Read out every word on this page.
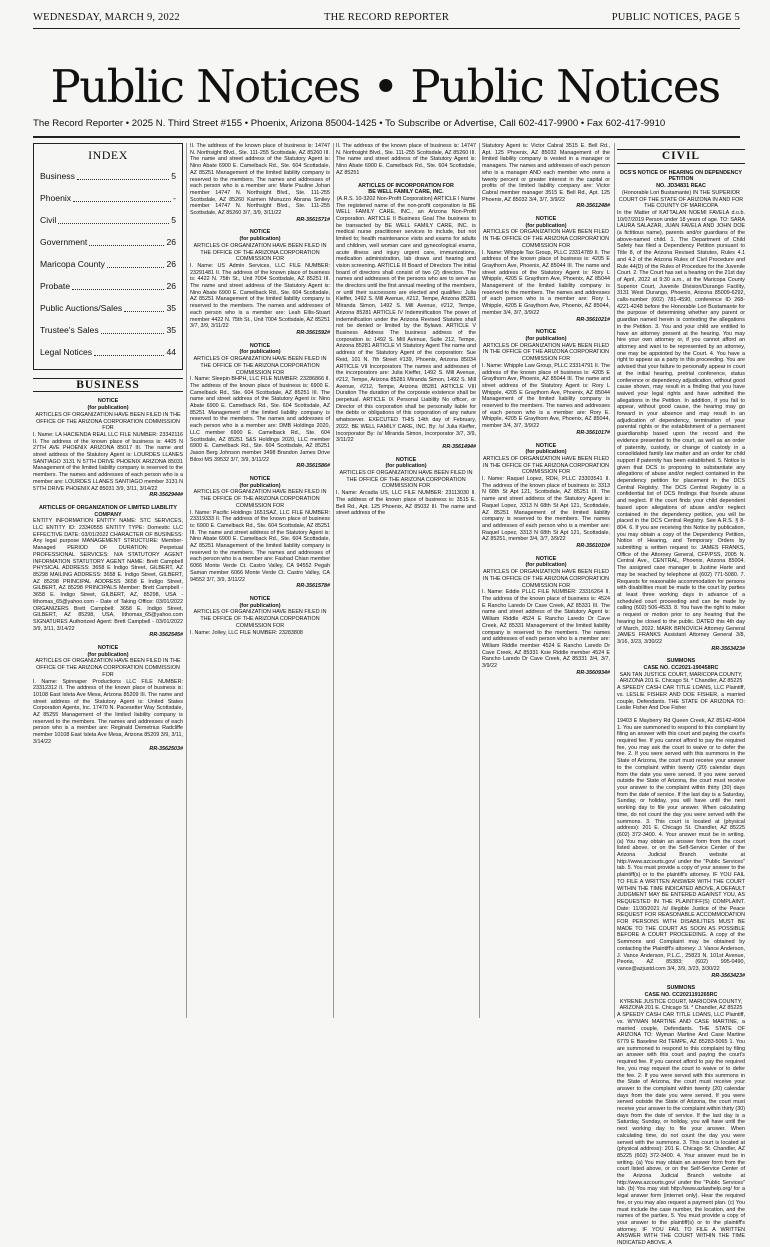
WEDNESDAY, MARCH 9, 2022	THE RECORD REPORTER	PUBLIC NOTICES, PAGE 5
Public Notices • Public Notices
The Record Reporter • 2025 N. Third Street #155 • Phoenix, Arizona 85004-1425 • To Subscribe or Advertise, Call 602-417-9900 • Fax 602-417-9910
INDEX
Business	5
Phoenix	-
Civil	5
Government	26
Maricopa County	26
Probate	26
Public Auctions/Sales	35
Trustee's Sales	35
Legal Notices	44
BUSINESS
NOTICE
(for publication)
ARTICLES OF ORGANIZATION HAVE BEEN FILED IN THE OFFICE OF THE ARIZONA CORPORATION COMMISSION FOR
I. Name: LA HACIENDA REAL LLC FILE NUMBER: 23342116 II. The address of the known place of business is: 4405 N 27TH AVE PHOENIX ARIZONA 85017 III. The name and street address of the Statutory Agent is: LOURDES LLANES SANTIAGO 3131 N 57TH DRIVE PHOENIX ARIZONA 85031 Management of the limited liability company is reserved to the members. The names and addresses of each person who is a member are: LOURDES LLANES SANTIAGO member 3131 N 57TH DRIVE PHOENIX AZ 85031 3/9, 3/11, 3/14/22
RR-3562944#
ARTICLES OF ORGANIZATION OF LIMITED LIABILITY COMPANY
ENTITY INFORMATION ENTITY NAME: STC SERVICES, LLC ENTITY ID: 23340555 ENTITY TYPE: Domestic LLC EFFECTIVE DATE: 03/01/2022 CHARACTER OF BUSINESS: Any legal purpose MANAGEMENT STRUCTURE: Member-Managed PERIOD OF DURATION: Perpetual PROFESSIONAL SERVICES: N/A STATUTORY AGENT INFORMATION STATUTORY AGENT NAME: Brett Campbell PHYSICAL ADDRESS: 3658 E Indigo Street, GILBERT, AZ 85298 MAILING ADDRESS: 3658 E. Indigo Street, GILBERT, AZ 85298 PRINCIPAL ADDRESS 3658 E Indigo Street, GILBERT, AZ 85298 PRINCIPALS Member: Brett Campbell - 3658 E. Indigo Street, GILBERT, AZ, 85298, USA - lithomas_65@yahoo.com - Date of Taking Office: 03/01/2022 ORGANIZERS Brett Campbell: 3658 E. Indigo Street, GILBERT, AZ 85298, USA, lithomas_65@yahoo.com SIGNATURES Authorized Agent: Brett Campbell - 03/01/2022 3/9, 3/11, 3/14/22
RR-3562545#
NOTICE
(for publication)
ARTICLES OF ORGANIZATION HAVE BEEN FILED IN THE OFFICE OF THE ARIZONA CORPORATION COMMISSION FOR
I. Name: Spinnaper Productions LLC FILE NUMBER: 23312312 II. The address of the known place of business is: 10108 East Isleta Ave Mesa, Arizona 85209 III. The name and street address of the Statutory Agent is: United States Corporation Agents, Inc. 17470 N. Pacesetter Way Scottsdale, AZ 85255 Management of the limited liability company is reserved to the members. The names and addresses of each person who is a member are: Reginald Demetrius Radcliffe member 10108 East Isleta Ave Mesa, Arizona 85209 3/9, 3/11, 3/14/22
RR-3562503#
II. The address of the known place of business is: 14747 N. Northsight Blvd., Ste. 111-255 Scottsdale, AZ 85260 III. The name and street address of the Statutory Agent is: Nino Abate 6900 E. Camelback Rd., Ste. 604 Scottsdale, AZ 85251 Management of the limited liability company is reserved to the members. The names and addresses of each person who is a member are: Marie Pauline Johan member 14747 N. Northsight Blvd., Ste. 111-255 Scottsdale, AZ 85260 Karmen Munuzzo Abrana Smiley member 14747 N. Northsight Blvd., Ste. 111-255 Scottsdale, AZ 85260 3/7, 3/9, 3/11/22
RR-3561571#
NOTICE
(for publication)
ARTICLES OF ORGANIZATION HAVE BEEN FILED IN THE OFFICE OF THE ARIZONA CORPORATION COMMISSION FOR
I. Name: US Admin Services, LLC FILE NUMBER: 23291481 II. The address of the known place of business is: 4422 N. 75th St., Unit 7004 Scottsdale, AZ 85251 III. The name and street address of the Statutory Agent is: Nino Abate 6900 E. Camelback Rd., Ste. 604 Scottsdale, AZ 85251 Management of the limited liability company is reserved to the members. The names and addresses of each person who is a member are: Leah Ellis-Stuart member 4422 N. 75th St., Unit 7004 Scottsdale, AZ 85251 3/7, 3/9, 3/11/22
RR-3561592#
NOTICE
(for publication)
ARTICLES OF ORGANIZATION HAVE BEEN FILED IN THE OFFICE OF THE ARIZONA CORPORATION COMMISSION FOR
I. Name: Sleepin BHPH, LLC FILE NUMBER: 23286866 II. The address of the known place of business is: 6900 E. Camelback Rd., Ste. 604 Scottsdale, AZ 85251 III. The name and street address of the Statutory Agent is: Nino Abate 6900 E. Camelback Rd., Ste. 604 Scottsdale, AZ 85251 Management of the limited liability company is reserved to the members. The names and addresses of each person who is a member are: DMB Holdings 2020, LLC member 6900 E. Camelback Rd., Ste. 604 Scottsdale, AZ 85251 S&S Holdings 2020, LLC member 6900 E. Camelback Rd., Ste. 604 Scottsdale, AZ 85251 Jason Berg Johnson member 3498 Brandon James Drive Biloxi MS 39532 3/7, 3/9, 3/11/22
RR-3561586#
NOTICE
(for publication)
ARTICLES OF ORGANIZATION HAVE BEEN FILED IN THE OFFICE OF THE ARIZONA CORPORATION COMMISSION FOR
I. Name: Pacific Holdings 1651SAZ, LLC FILE NUMBER: 23319333 II. The address of the known place of business is: 6900 E. Camelback Rd., Ste. 604 Scottsdale, AZ 85251 III. The name and street address of the Statutory Agent is: Nino Abate 6900 E. Camelback Rd., Ste. 604 Scottsdale, AZ 85251 Management of the limited liability company is reserved to the members. The names and addresses of each person who is a member are: Fashad Chian member 6066 Monte Verde Ct. Castro Valley, CA 94552 Pegah Saman member 6066 Monte Verde Ct. Castro Valley, CA 94552 3/7, 3/9, 3/11/22
RR-3561578#
NOTICE
(for publication)
ARTICLES OF ORGANIZATION HAVE BEEN FILED IN THE OFFICE OF THE ARIZONA CORPORATION COMMISSION FOR
I. Name: Jolley, LLC FILE NUMBER: 23283808
II. The address of the known place of business is: 14747 N. Northsight Blvd., Ste. 111-255 Scottsdale, AZ 85260 III. The name and street address of the Statutory Agent is: Nino Abate 6900 E. Camelback Rd., Ste. 604 Scottsdale, AZ 85251
ARTICLES OF INCORPORATION FOR
BE WELL FAMILY CARE, INC.
(A.R.S. 10-3202 Non-Profit Corporation) ARTICLE I Name
The registered name of the non-profit corporation is BE WELL FAMILY CARE, INC., an Arizona Non-Profit Corporation. ARTICLE II Business Goal The business to be transacted by BE WELL FAMILY CARE, INC. is medical nurse practitioner services to include, but not limited to; health maintenance visits and exams for adults and children, well woman care and gynecological exams, acute illness and injury urgent care, immunizations, medication administration, lab draws and hearing and vision screening. ARTICLE III Board of Directors The initial board of directors shall consist of two (2) directors. The names and addresses of the persons who are to serve as the directors until the first annual meeting of the members, or until their successors are elected and qualifies: Julia Kieffer, 1492 S. Mill Avenue, #212, Tempe, Arizona 85281 Miranda Simon, 1492 S. Mill Avenue, #212, Tempe, Arizona 85281 ARTICLE IV Indemnification The power of indemnification under the Arizona Revised Statutes shall not be denied or limited by the Bylaws. ARTICLE V Business Address The business address of the corporation is: 1492 S. Mill Avenue, Suite 212, Tempe, Arizona 85281 ARTICLE VI Statutory Agent The name and address of the Statutory Agent of the corporation: Sue Reid, 101 N. 7th Street #139, Phoenix, Arizona 85034 ARTICLE VII Incorporators The names and addresses of the incorporators are: Julia Kieffer, 1492 S. Mill Avenue, #212, Tempe, Arizona 85281 Miranda Simon, 1492 S. Mill Avenue, #212, Tempe, Arizona 85281 ARTICLE VIII Duration The duration of the corporate existence shall be perpetual. ARTICLE IX Personal Liability No officer, or Director of this corporation shall be personally liable for the debts or obligations of this corporation of any nature whatsoever. EXECUTED THIS 14th day of February, 2022. BE WELL FAMILY CARE, INC. By: /s/ Julia Kieffer, Incorporator By: /s/ Miranda Simon, Incorporator 3/7, 3/9, 3/11/22
RR-3561494#
NOTICE
(for publication)
ARTICLES OF ORGANIZATION HAVE BEEN FILED IN THE OFFICE OF THE ARIZONA CORPORATION COMMISSION FOR
I. Name: Arcadia US, LLC FILE NUMBER: 23113030 II. The address of the known place of business is: 3515 E. Bell Rd., Apt. 125 Phoenix, AZ 85032 III. The name and street address of the
Statutory Agent is: Victor Cabral 3515 E. Bell Rd., Apt. 125 Phoenix, AZ 85032 Management of the limited liability company is vested in a manager or managers. The names and addresses of each person who is a manager AND each member who owns a twenty percent or greater interest in the capital or profits of the limited liability company are: Victor Cabral member manager 3515 E. Bell Rd., Apt. 125 Phoenix, AZ 85032 3/4, 3/7, 3/9/22
RR-3561248#
NOTICE
(for publication)
ARTICLES OF ORGANIZATION HAVE BEEN FILED IN THE OFFICE OF THE ARIZONA CORPORATION COMMISSION FOR
I. Name: Whipple Tax Group, PLLC 23314789 II. The address of the known place of business is: 4205 E Graythorn Ave, Phoenix, AZ 85044 III. The name and street address of the Statutory Agent is: Rory L Whipple, 4205 E Graythorn Ave, Phoenix, AZ 85044 Management of the limited liability company is reserved to the members. The names and addresses of each person who is a member are: Rory L Whipple, 4205 E Graythorn Ave, Phoenix, AZ 85044, member 3/4, 3/7, 3/9/22
RR-3561021#
NOTICE
(for publication)
ARTICLES OF ORGANIZATION HAVE BEEN FILED IN THE OFFICE OF THE ARIZONA CORPORATION COMMISSION FOR
I. Name: Whipple Law Group, PLLC 23314791 II. The address of the known place of business is: 4205 E Graythorn Ave, Phoenix, AZ 85044 III. The name and street address of the Statutory Agent is: Rory L Whipple, 4205 E Graythorn Ave, Phoenix, AZ 85044 Management of the limited liability company is reserved to the members. The names and addresses of each person who is a member are: Rory E. Whipple, 4205 E Graythorn Ave, Phoenix, AZ 85044, member 3/4, 3/7, 3/9/22
RR-3561017#
NOTICE
(for publication)
ARTICLES OF ORGANIZATION HAVE BEEN FILED IN THE OFFICE OF THE ARIZONA CORPORATION COMMISSION FOR
I. Name: Raquel Lopez, RDH, PLLC 23303541 II. The address of the known place of business is: 3313 N 68th St Apt 121, Scottsdale, AZ 85251 III. The name and street address of the Statutory Agent is: Raquel Lopez, 3313 N 68th St Apt 121, Scottsdale, AZ 85251 Management of the limited liability company is reserved to the members. The names and addresses of each person who is a member are: Raquel Lopez, 3313 N 68th St Apt 121, Scottsdale, AZ 85251, member 3/4, 3/7, 3/9/22
RR-3561010#
NOTICE
(for publication)
ARTICLES OF ORGANIZATION HAVE BEEN FILED IN THE OFFICE OF THE ARIZONA CORPORATION COMMISSION FOR
I. Name: Eddie PLLC FILE NUMBER: 23316264 II. The address of the known place of business is: 4524 E Rancho Laredo Dr Cave Creek, AZ 85331 III. The name and street address of the Statutory Agent is: William Riddle 4524 E Rancho Laredo Dr Cave Creek, AZ 85331 Management of the limited liability company is reserved to the members. The names and addresses of each person who is a member are: William Riddle member 4524 E Rancho Laredo Dr Cave Creek, AZ 85331 Ksie Riddle member 4524 E Rancho Laredo Dr Cave Creek, AZ 85331 3/4, 3/7, 3/9/22
RR-3560934#
CIVIL
DCS'S NOTICE OF HEARING ON DEPENDENCY PETITION
NO. JD34831 REAC
(Honorable Lori Bustamante) IN THE SUPERIOR COURT OF THE STATE OF ARIZONA IN AND FOR THE COUNTY OF MARICOPA
In the Matter of KATTALAN NOEMI FAVELA d.o.b. 10/07/2019 Person under 18 years of age. TO: SARA LAURA SALAZAR, JUAN FAVELA AND JOHN DOE (a fictitious name), parents and/or guardians of the above-named child. 1. The Department of Child Safety has filed a Dependency Petition pursuant to Title 8, of the Arizona Revised Statutes, Rules 4.1 and 4.2 of the Arizona Rules of Civil Procedure and Rule 44(D) of the Rules of Procedure for the Juvenile Court. 2. The Court has set a hearing on the 21st day of April, 2022 at 9:30 a.m., at the Maricopa County Superior Court, Juvenile Division/Durango Facility, 3131 West Durango, Phoenix, Arizona 85009-6292, calls-number (602) 781-4590, conference ID 268-4221-4248 before the Honorable Lori Bustamante for the purpose of determining whether any parent or guardian named herein is contesting the allegations in the Petition. 3. You and your child are entitled to have an attorney present at the hearing. You may hire your own attorney or, if you cannot afford an attorney and want to be represented by an attorney, one may be appointed by the Court. 4. You have a right to appear as a party in this proceeding. You are advised that your failure to personally appear in court at the initial hearing, pretrial conference, status conference or dependency adjudication, without good cause shown, may result in a finding that you have waived your legal rights and have admitted the allegations in the Petition. In addition, if you fail to appear, without good cause, the hearing may go forward in your absence and may result in an adjudication of dependency, termination of your parental rights or the establishment of a permanent guardianship based upon the record and the evidence presented to the court, as well as an order of paternity, custody, or change of custody in a consolidated family law matter and an order for child support if paternity has been established. 5. Notice is given that DCS is proposing to substantiate any allegations of abuse and/or neglect contained in the dependency petition for placement in the DCS Central Registry. The DCS Central Registry is a confidential list of DCS findings that founds abuse and neglect. If the court finds your child dependent based upon allegations of abuse and/or neglect contained in the dependency petition, you will be placed in the DCS Central Registry. See A.R.S. § 8-804. 6. If you are receiving this Notice by publication, you may obtain a copy of the Dependency Petition, Notice of Hearing, and Temporary Orders by submitting a written request to: JAMES FRANKS, Office of the Attorney General, CFP/PSS, 2005 N. Central Ave., CENTRAL, Phoenix, Arizona 85004. The assigned case manager is Justine Harte and may be reached by telephone at (602) 771-5080. 7. Requests for reasonable accommodation for persons with disabilities must be made to the court by parties at least three working days in advance of a scheduled court proceeding and can be made by calling (602) 506-4533. 8. You have the right to make a request or motion prior to any hearing that the hearing be closed to the public. DATED this 4th day of March, 2022. MARK BRNOVICH Attorney General JAMES FRANKS Assistant Attorney General 3/8, 3/16, 3/23, 3/30/22
RR-3563423#
SUMMONS
CASE NO. CC2021-190458RC
SAN TAN JUSTICE COURT, MARICOPA COUNTY, ARIZONA 201 E. Chicago St. * Chandler, AZ 85225
A SPEEDY CASH CAR TITLE LOANS, LLC Plaintiff, vs. LESLIE FISHER AND DOE FISHER, a married couple, Defendants. THE STATE OF ARIZONA TO: Leslie Fisher And Doe Fisher
19403 E Mayberry Rd Queen Creek, AZ 85142-4904 1. You are summoned to respond to this complaint by filing an answer with this court and paying the court's required fee. If you cannot afford to pay the required fee, you may ask the court to waive or to defer the fee. 2. If you were served with this summons in the State of Arizona, the court must receive your answer to the complaint within twenty (20) calendar days from the date you were served. If you were served outside the State of Arizona, the court must receive your answer to the complaint within thirty (30) days from the date of service. If the last day is a Saturday, Sunday, or holiday, you will have until the next working day to file your answer. When calculating time, do not count the day you were served with the summons. 3. This court is located at (physical address): 201 E. Chicago St. Chandler, AZ 85225 (602) 372-3400. 4. Your answer must be in writing. (a) You may obtain an answer form from the court listed above, or on the Self-Service Center of the Arizona Judicial Branch website at http://www.azcourts.gov/ under the "Public Services" tab. 5. You must provide a copy of your answer to the plaintiff(s) or to the plaintiff's attorney. IF YOU FAIL TO FILE A WRITTEN ANSWER WITH THE COURT WITHIN THE TIME INDICATED ABOVE, A DEFAULT JUDGMENT MAY BE ENTERED AGAINST YOU, AS REQUESTED IN THE PLAINTIFF(S) COMPLAINT. Date: 11/30/2021 /s/ illegible Justice of the Peace REQUEST FOR REASONABLE ACCOMMODATION FOR PERSONS WITH DISABILITIES MUST BE MADE TO THE COURT AS SOON AS POSSIBLE BEFORE A COURT PROCEEDING. A copy of the Summons and Complaint may be obtained by contacting the Plaintiff's attorney: J. Vance Anderson, J. Vance Anderson, P.L.C., 25823 N. 101st Avenue, Peoria, AZ 85383; (602) 995-0490, vance@azjustd.com 3/4, 3/9, 3/23, 3/30/22
RR-3563423#
SUMMONS
CASE NO. CC2021191265RC
KYRENE JUSTICE COURT, MARICOPA COUNTY, ARIZONA 201 E. Chicago St. * Chandler, AZ 85225
A SPEEDY CASH CAR TITLE LOANS, LLC Plaintiff, vs. WYMAN MARTINE AND CASE MARTINE, a married couple, Defendants. THE STATE OF ARIZONA TO: Wyman Martine And Case Martine 6779 E Baseline Rd TEMPE, AZ 85283-5065 1. You are summoned to respond to this complaint by filing an answer with this court and paying the court's required fee. If you cannot afford to pay the required fee, you may request the court to waive or to defer the fee. 2. If you were served with this summons in the State of Arizona, the court must receive your answer to the complaint within twenty (20) calendar days from the date you were served. If you were served outside the State of Arizona, the court must receive your answer to the complaint within thirty (30) days from the date of service. If the last day is a Saturday, Sunday, or holiday, you will have until the next working day to file your answer. When calculating time, do not count the day you were served with the summons. 3. This court is located at (physical address): 201 E. Chicago St. Chandler, AZ 85225 (602) 372-3400. 4. Your answer must be in writing. (a) You may obtain an answer form from the court listed above, or on the Self-Service Center of the Arizona Judicial Branch website at http://www.azcourts.gov/ under the "Public Services" tab. (b) You may visit http://www.azlawhelp.org/ for a legal answer form (internet only). Hear the required fee, or you may also request a payment plan. (c) You must include the case number, the location, and the names of the parties. 5. You must provide a copy of your answer to the plaintiff(s) or to the plaintiff's attorney. IF YOU FAIL TO FILE A WRITTEN ANSWER WITH THE COURT WITHIN THE TIME INDICATED ABOVE, A
